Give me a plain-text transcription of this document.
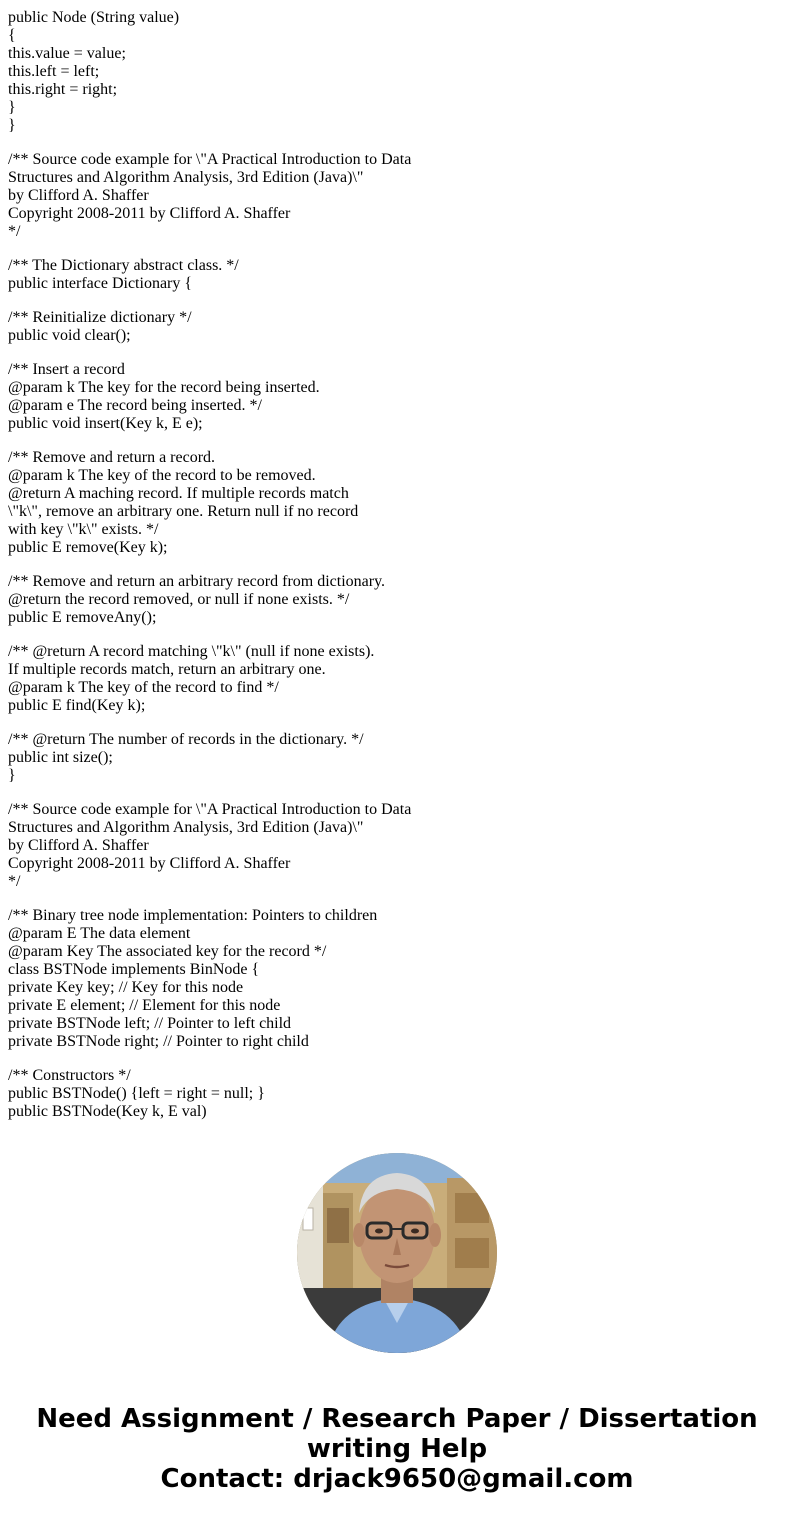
public Node (String value)
{
this.value = value;
this.left = left;
this.right = right;
}
}
/** Source code example for \"A Practical Introduction to Data
Structures and Algorithm Analysis, 3rd Edition (Java)\"
by Clifford A. Shaffer
Copyright 2008-2011 by Clifford A. Shaffer
*/
/** The Dictionary abstract class. */
public interface Dictionary {
/** Reinitialize dictionary */
public void clear();
/** Insert a record
@param k The key for the record being inserted.
@param e The record being inserted. */
public void insert(Key k, E e);
/** Remove and return a record.
@param k The key of the record to be removed.
@return A maching record. If multiple records match
\"k\", remove an arbitrary one. Return null if no record
with key \"k\" exists. */
public E remove(Key k);
/** Remove and return an arbitrary record from dictionary.
@return the record removed, or null if none exists. */
public E removeAny();
/** @return A record matching \"k\" (null if none exists).
If multiple records match, return an arbitrary one.
@param k The key of the record to find */
public E find(Key k);
/** @return The number of records in the dictionary. */
public int size();
}
/** Source code example for \"A Practical Introduction to Data
Structures and Algorithm Analysis, 3rd Edition (Java)\"
by Clifford A. Shaffer
Copyright 2008-2011 by Clifford A. Shaffer
*/
/** Binary tree node implementation: Pointers to children
@param E The data element
@param Key The associated key for the record */
class BSTNode implements BinNode {
private Key key; // Key for this node
private E element; // Element for this node
private BSTNode left; // Pointer to left child
private BSTNode right; // Pointer to right child
/** Constructors */
public BSTNode() {left = right = null; }
public BSTNode(Key k, E val)
Need Assignment / Research Paper / Dissertation
writing Help
Contact: drjack9650@gmail.com
